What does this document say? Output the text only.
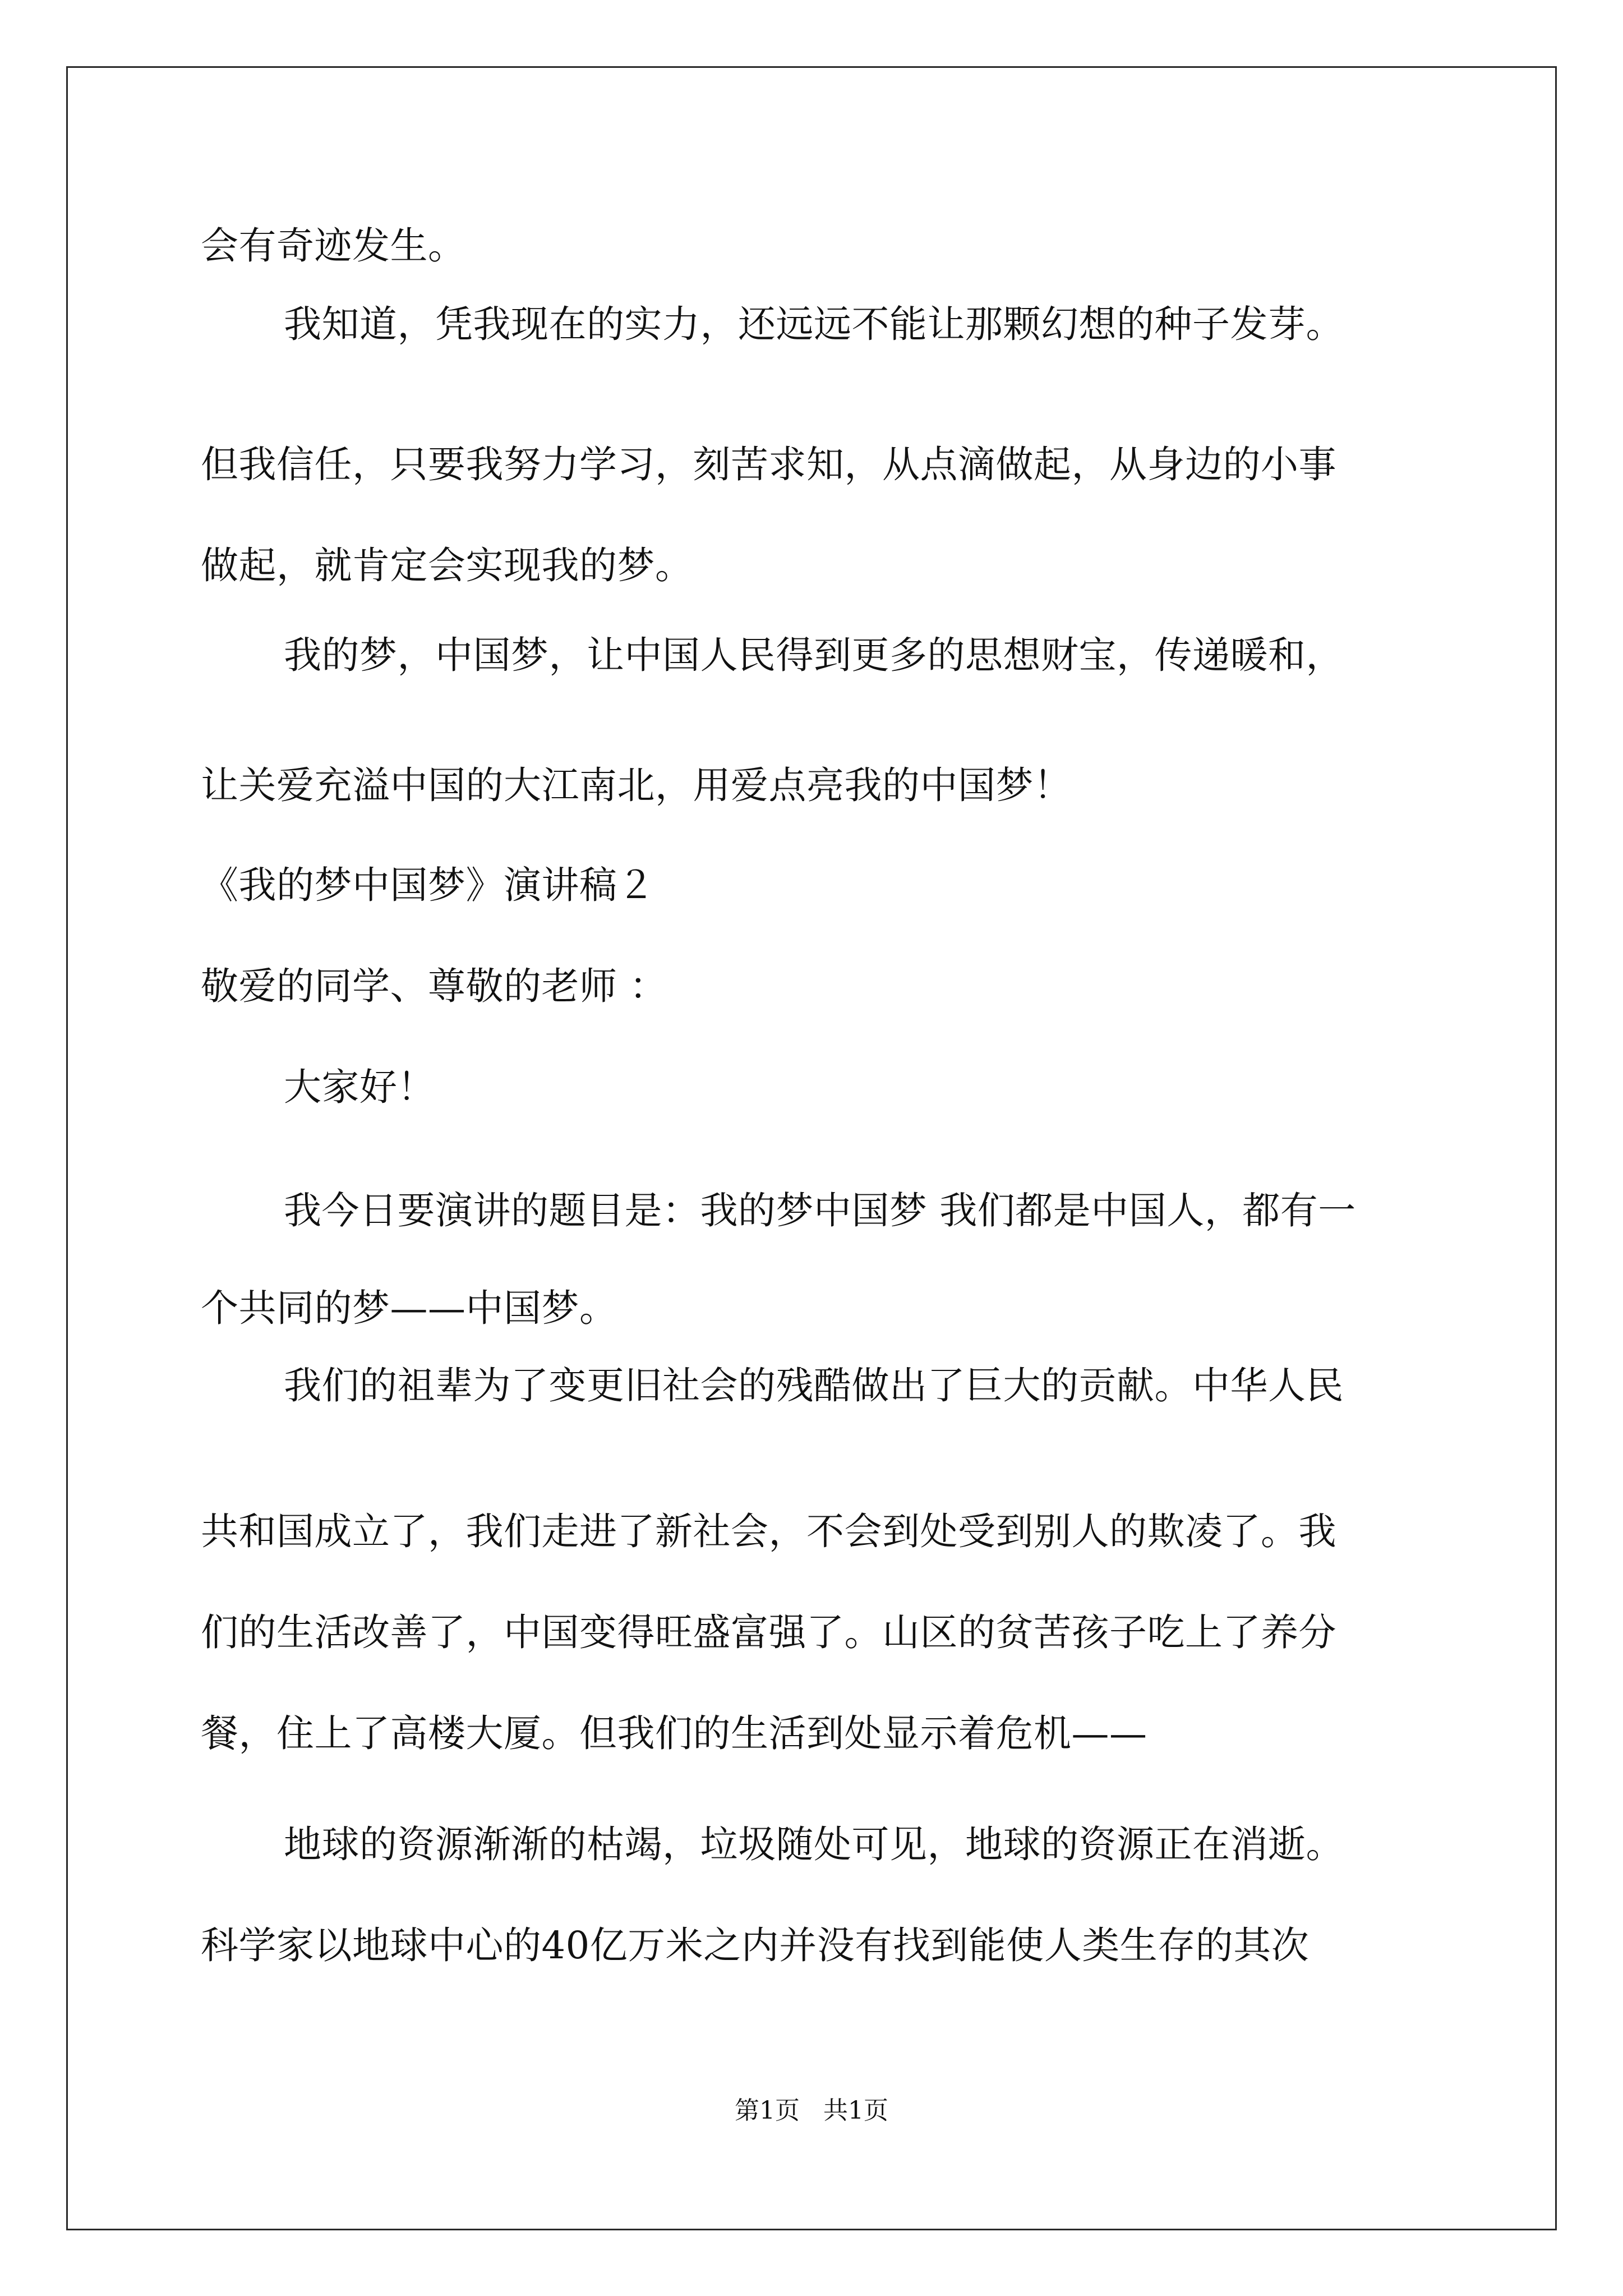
会有奇迹发生。
我知道，凭我现在的实力，还远远不能让那颗幻想的种子发芽。
但我信任，只要我努力学习，刻苦求知，从点滴做起，从身边的小事
做起，就肯定会实现我的梦。
我的梦，中国梦，让中国人民得到更多的思想财宝，传递暖和，
让关爱充溢中国的大江南北，用爱点亮我的中国梦！
《我的梦中国梦》演讲稿２
敬爱的同学、尊敬的老师 ：
大家好！
我今日要演讲的题目是：我的梦中国梦 我们都是中国人，都有一
个共同的梦——中国梦。
我们的祖辈为了变更旧社会的残酷做出了巨大的贡献。中华人民
共和国成立了，我们走进了新社会，不会到处受到别人的欺凌了。我
们的生活改善了，中国变得旺盛富强了。山区的贫苦孩子吃上了养分
餐，住上了高楼大厦。但我们的生活到处显示着危机——
地球的资源渐渐的枯竭，垃圾随处可见，地球的资源正在消逝。
科学家以地球中心的40亿万米之内并没有找到能使人类生存的其次
第1页   共1页
